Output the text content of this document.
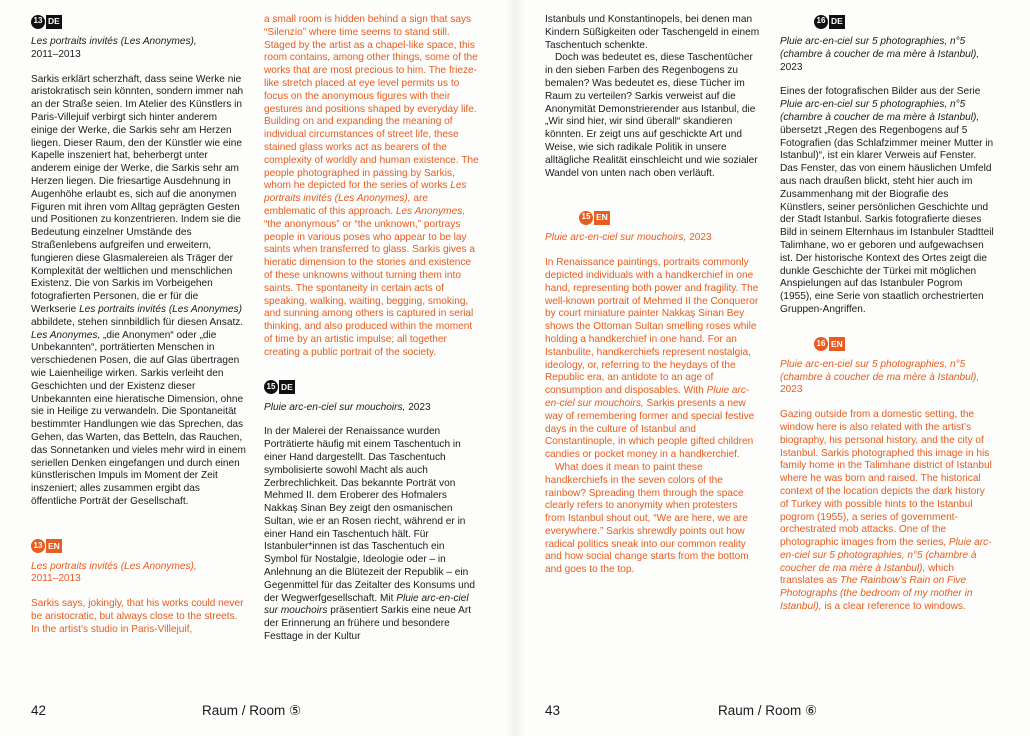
13 DE

Les portraits invités (Les Anonymes),

2011–2013

Sarkis erklärt scherzhaft, dass seine Werke nie aristokratisch sein könnten, sondern immer nah an der Straße seien. Im Atelier des Künstlers in Paris-Villejuif verbirgt sich hinter anderem einige der Werke, die Sarkis sehr am Herzen liegen. Dieser Raum, den der Künstler wie eine Kapelle inszeniert hat, beherbergt unter anderem einige der Werke, die Sarkis sehr am Herzen liegen. Die friesartige Ausdehnung in Augenhöhe erlaubt es, sich auf die anonymen Figuren mit ihren vom Alltag geprägten Gesten und Positionen zu konzentrieren. Indem sie die Bedeutung einzelner Umstände des Straßenlebens aufgreifen und erweitern, fungieren diese Glasmalereien als Träger der Komplexität der weltlichen und menschlichen Existenz. Die von Sarkis im Vorbeigehen fotografierten Personen, die er für die Werkserie Les portraits invités (Les Anonymes) abbildete, stehen sinnbildlich für diesen Ansatz. Les Anonymes, „die Anonymen“ oder „die Unbekannten“, porträtierten Menschen in verschiedenen Posen, die auf Glas übertragen wie Laienheilige wirken. Sarkis verleiht den Geschichten und der Existenz dieser Unbekannten eine hieratische Dimension, ohne sie in Heilige zu verwandeln. Die Spontaneität bestimmter Handlungen wie das Sprechen, das Gehen, das Warten, das Betteln, das Rauchen, das Sonnetanken und vieles mehr wird in einem seriellen Denken eingefangen und durch einen künstlerischen Impuls im Moment der Zeit inszeniert; alles zusammen ergibt das öffentliche Porträt der Gesellschaft.

13 EN

Les portraits invités (Les Anonymes),

2011–2013

Sarkis says, jokingly, that his works could never be aristocratic, but always close to the streets. In the artist’s studio in Paris-Villejuif,

a small room is hidden behind a sign that says “Silenzio” where time seems to stand still. Staged by the artist as a chapel-like space, this room contains, among other things, some of the works that are most precious to him. The frieze-like stretch placed at eye level permits us to focus on the anonymous figures with their gestures and positions shaped by everyday life. Building on and expanding the meaning of individual circumstances of street life, these stained glass works act as bearers of the complexity of worldly and human existence. The people photographed in passing by Sarkis, whom he depicted for the series of works Les portraits invités (Les Anonymes), are emblematic of this approach. Les Anonymes, “the anonymous” or “the unknown,” portrays people in various poses who appear to be lay saints when transferred to glass. Sarkis gives a hieratic dimension to the stories and existence of these unknowns without turning them into saints. The spontaneity in certain acts of speaking, walking, waiting, begging, smoking, and sunning among others is captured in serial thinking, and also produced within the moment of time by an artistic impulse; all together creating a public portrait of the society.

15 DE

Pluie arc-en-ciel sur mouchoirs, 2023

In der Malerei der Renaissance wurden Porträtierte häufig mit einem Taschentuch in einer Hand dargestellt. Das Taschentuch symbolisierte sowohl Macht als auch Zerbrechlichkeit. Das bekannte Porträt von Mehmed II. dem Eroberer des Hofmalers Nakkaş Sinan Bey zeigt den osmanischen Sultan, wie er an Rosen riecht, während er in einer Hand ein Taschentuch hält. Für Istanbuler*innen ist das Taschentuch ein Symbol für Nostalgie, Ideologie oder – in Anlehnung an die Blütezeit der Republik – ein Gegenmittel für das Zeitalter des Konsums und der Wegwerfgesellschaft. Mit Pluie arc-en-ciel sur mouchoirs präsentiert Sarkis eine neue Art der Erinnerung an frühere und besondere Festtage in der Kultur

42	Raum / Room ⑤

Istanbuls und Konstantinopels, bei denen man Kindern Süßigkeiten oder Taschengeld in einem Taschentuch schenkte.

Doch was bedeutet es, diese Taschentücher in den sieben Farben des Regenbogens zu bemalen? Was bedeutet es, diese Tücher im Raum zu verteilen? Sarkis verweist auf die Anonymität Demonstrierender aus Istanbul, die „Wir sind hier, wir sind überall“ skandieren könnten. Er zeigt uns auf geschickte Art und Weise, wie sich radikale Politik in unsere alltägliche Realität einschleicht und wie sozialer Wandel von unten nach oben verläuft.

15 EN

Pluie arc-en-ciel sur mouchoirs, 2023

In Renaissance paintings, portraits commonly depicted individuals with a handkerchief in one hand, representing both power and fragility. The well-known portrait of Mehmed II the Conqueror by court miniature painter Nakkaş Sinan Bey shows the Ottoman Sultan smelling roses while holding a handkerchief in one hand. For an Istanbulite, handkerchiefs represent nostalgia, ideology, or, referring to the heydays of the Republic era, an antidote to an age of consumption and disposables. With Pluie arc-en-ciel sur mouchoirs, Sarkis presents a new way of remembering former and special festive days in the culture of Istanbul and Constantinople, in which people gifted children candies or pocket money in a handkerchief.

What does it mean to paint these handkerchiefs in the seven colors of the rainbow? Spreading them through the space clearly refers to anonymity when protesters from Istanbul shout out, “We are here, we are everywhere.” Sarkis shrewdly points out how radical politics sneak into our common reality and how social change starts from the bottom and goes to the top.

16 DE

Pluie arc-en-ciel sur 5 photographies, n°5 (chambre à coucher de ma mère à Istanbul),

2023

Eines der fotografischen Bilder aus der Serie Pluie arc-en-ciel sur 5 photographies, n°5 (chambre à coucher de ma mère à Istanbul), übersetzt „Regen des Regenbogens auf 5 Fotografien (das Schlafzimmer meiner Mutter in Istanbul)“, ist ein klarer Verweis auf Fenster. Das Fenster, das von einem häuslichen Umfeld aus nach draußen blickt, steht hier auch im Zusammenhang mit der Biografie des Künstlers, seiner persönlichen Geschichte und der Stadt Istanbul. Sarkis fotografierte dieses Bild in seinem Elternhaus im Istanbuler Stadtteil Talimhane, wo er geboren und aufgewachsen ist. Der historische Kontext des Ortes zeigt die dunkle Geschichte der Türkei mit möglichen Anspielungen auf das Istanbuler Pogrom (1955), eine Serie von staatlich orchestrierten Gruppen-Angriffen.

16 EN

Pluie arc-en-ciel sur 5 photographies, n°5 (chambre à coucher de ma mère à Istanbul),

2023

Gazing outside from a domestic setting, the window here is also related with the artist’s biography, his personal history, and the city of Istanbul. Sarkis photographed this image in his family home in the Talimhane district of Istanbul where he was born and raised. The historical context of the location depicts the dark history of Turkey with possible hints to the Istanbul pogrom (1955), a series of government-orchestrated mob attacks. One of the photographic images from the series, Pluie arc-en-ciel sur 5 photographies, n°5 (chambre à coucher de ma mère à Istanbul), which translates as The Rainbow’s Rain on Five Photographs (the bedroom of my mother in Istanbul), is a clear reference to windows.

43	Raum / Room ⑥
